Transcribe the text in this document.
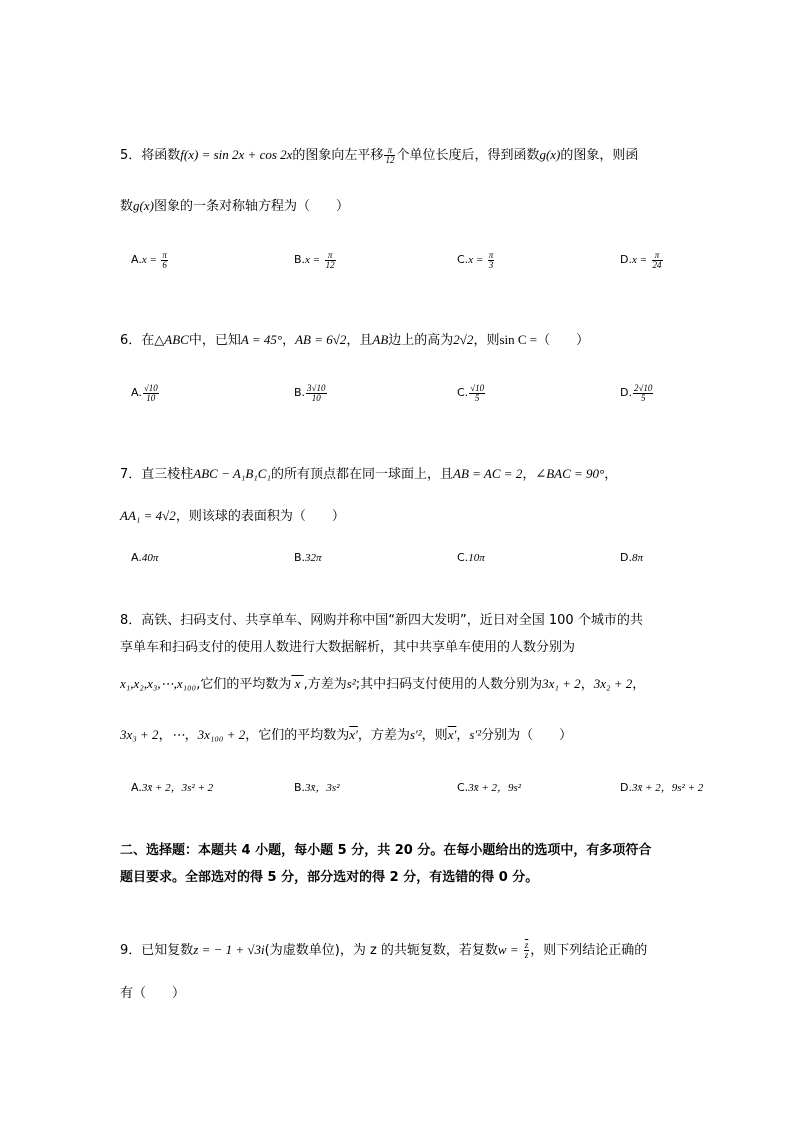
5．将函数f(x) = sin 2x + cos 2x的图象向左平移 $\frac{\pi}{12}$ 个单位长度后，得到函数g(x)的图象，则函
数g(x)图象的一条对称轴方程为（　　）
$A.x = \frac{\pi}{6}$	$B.x = \frac{\pi}{12}$	$C.x = \frac{\pi}{3}$	$D.x = \frac{\pi}{24}$
6．在△ABC中，已知A = 45°，AB = 6√2，且AB边上的高为2√2，则sin C =（　　）
A. $\frac{√10}{10}$	B. $\frac{3√10}{10}$	C. $\frac{√10}{5}$	D. $\frac{2√10}{5}$
7．直三棱柱ABC − A₁B₁C₁的所有顶点都在同一球面上，且AB = AC = 2，∠BAC = 90°，
AA₁ = 4√2，则该球的表面积为（　　）
A.40π	B.32π	C.10π	D.8π
8．高铁、扫码支付、共享单车、网购并称中国“新四大发明”，近日对全国 100 个城市的共
享单车和扫码支付的使用人数进行大数据解析，其中共享单车使用的人数分别为
x₁,x₂,x₃,⋯,x₁₀₀,它们的平均数为 x ,方差为s²;其中扫码支付使用的人数分别为3x₁ + 2，3x₂ + 2，
3x₃ + 2，⋯，3x₁₀₀ + 2，它们的平均数为x′，方差为s′²，则x′，s′²分别为（　　）
A.3x̄ + 2，3s² + 2	B.3x̄，3s²	C.3x̄ + 2，9s²	D.3x̄ + 2，9s² + 2
二、选择题：本题共 4 小题，每小题 5 分，共 20 分。在每小题给出的选项中，有多项符合
题目要求。全部选对的得 5 分，部分选对的得 2 分，有选错的得 0 分。
9．已知复数z = − 1 + √3i(为虚数单位)，为 z 的共轭复数，若复数$w = \frac{\overline{z}}{z}$ ，则下列结论正确的
有（　　）
